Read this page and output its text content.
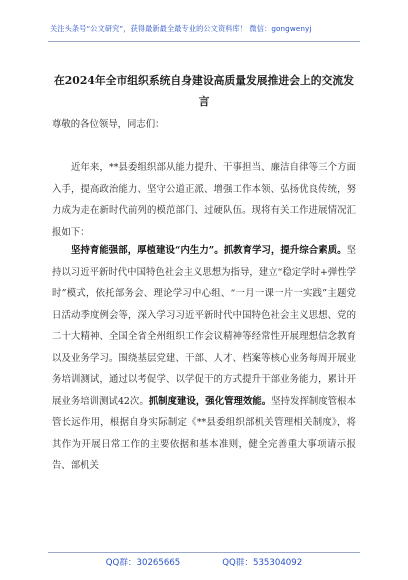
关注头条号“公文研究”，获得最新最全最专业的公文资料库！ 微信：gongwenyj
在2024年全市组织系统自身建设高质量发展推进会上的交流发言
尊敬的各位领导，同志们：
近年来，**县委组织部从能力提升、干事担当、廉洁自律等三个方面入手，提高政治能力、坚守公道正派、增强工作本领、弘扬优良传统，努力成为走在新时代前列的模范部门、过硬队伍。现将有关工作进展情况汇报如下：
坚持育能强部，厚植建设“内生力”。抓教育学习，提升综合素质。坚持以习近平新时代中国特色社会主义思想为指导，建立“稳定学时+弹性学时”模式，依托部务会、理论学习中心组、“一月一课一片一实践”主题党日活动季度例会等，深入学习习近平新时代中国特色社会主义思想、党的二十大精神、全国全省全州组织工作会议精神等经常性开展理想信念教育以及业务学习。围绕基层党建、干部、人才、档案等核心业务每周开展业务培训测试，通过以考促学、以学促干的方式提升干部业务能力，累计开展业务培训测试42次。抓制度建设，强化管理效能。坚持发挥制度管根本管长远作用，根据自身实际制定《**县委组织部机关管理相关制度》，将其作为开展日常工作的主要依据和基本准则，健全完善重大事项请示报告、部机关
QQ群：30265665	QQ群：535304092
